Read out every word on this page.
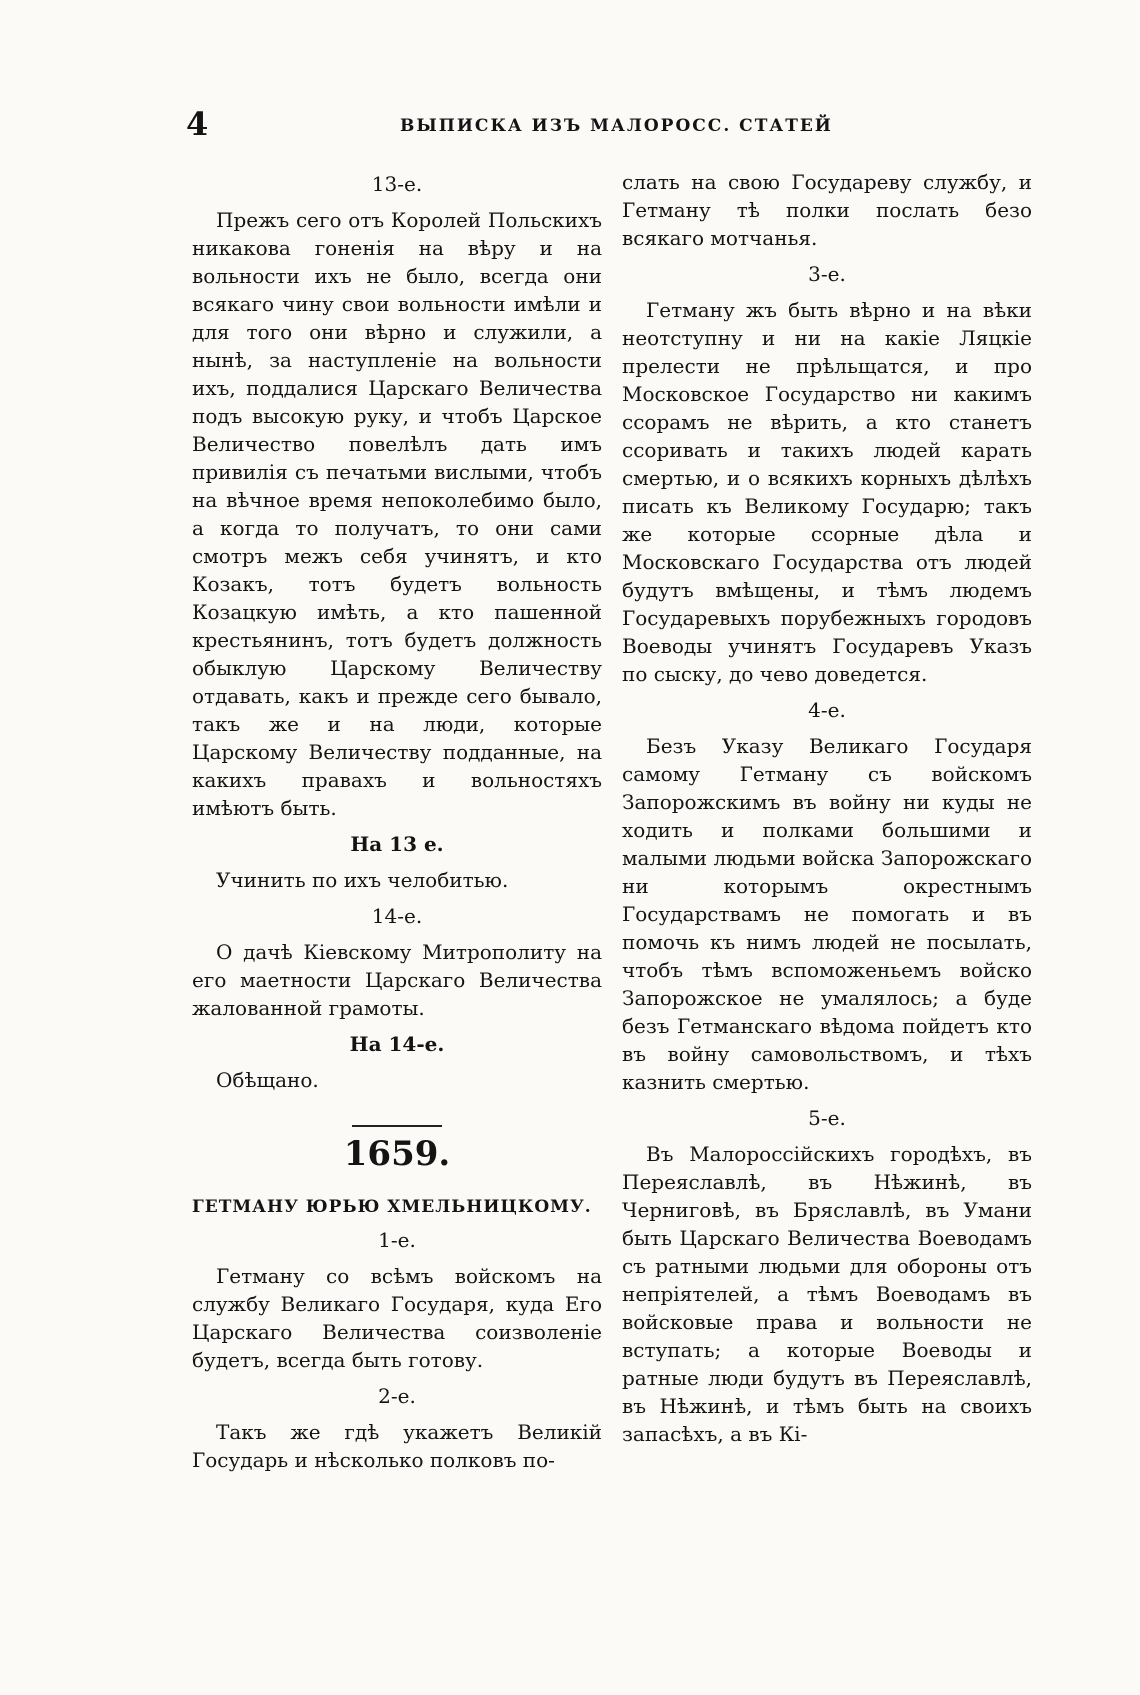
4	ВЫПИСКА ИЗЪ МАЛОРОСС. СТАТЕЙ
13-е.

Прежъ сего отъ Королей Польскихъ никакова гоненія на вѣру и на вольности ихъ не было, всегда они всякаго чину свои вольности имѣли и для того они вѣрно и служили, а нынѣ, за наступленіе на вольности ихъ, поддалися Царскаго Величества подъ высокую руку, и чтобъ Царское Величество повелѣлъ дать имъ привилія съ печатьми вислыми, чтобъ на вѣчное время непоколебимо было, а когда то получатъ, то они сами смотръ межъ себя учинятъ, и кто Козакъ, тотъ будетъ вольность Козацкую имѣть, а кто пашенной крестьянинъ, тотъ будетъ должность обыклую Царскому Величеству отдавать, какъ и прежде сего бывало, такъ же и на люди, которые Царскому Величеству подданные, на какихъ правахъ и вольностяхъ имѣютъ быть.

На 13 е.

Учинить по ихъ челобитью.

14-е.

О дачѣ Кіевскому Митрополиту на его маетности Царскаго Величества жалованной грамоты.

На 14-е.

Обѣщано.

1659.
ГЕТМАНУ ЮРЬЮ ХМЕЛЬНИЦКОМУ.
1-е.

Гетману со всѣмъ войскомъ на службу Великаго Государя, куда Его Царскаго Величества соизволеніе будетъ, всегда быть готову.

2-е.

Такъ же гдѣ укажетъ Великій Государь и нѣсколько полковъ по-

слать на свою Государеву службу, и Гетману тѣ полки послать безо всякаго мотчанья.

3-е.

Гетману жъ быть вѣрно и на вѣки неотступну и ни на какіе Ляцкіе прелести не прѣльщатся, и про Московское Государство ни какимъ ссорамъ не вѣрить, а кто станетъ ссоривать и такихъ людей карать смертью, и о всякихъ корныхъ дѣлѣхъ писать къ Великому Государю; такъ же которые ссорные дѣла и Московскаго Государства отъ людей будутъ вмѣщены, и тѣмъ людемъ Государевыхъ порубежныхъ городовъ Воеводы учинятъ Государевъ Указъ по сыску, до чево доведется.

4-е.

Безъ Указу Великаго Государя самому Гетману съ войскомъ Запорожскимъ въ войну ни куды не ходить и полками большими и малыми людьми войска Запорожскаго ни которымъ окрестнымъ Государствамъ не помогать и въ помочь къ нимъ людей не посылать, чтобъ тѣмъ вспоможеньемъ войско Запорожское не умалялось; а буде безъ Гетманскаго вѣдома пойдетъ кто въ войну самовольствомъ, и тѣхъ казнить смертью.

5-е.

Въ Малороссійскихъ городѣхъ, въ Переяславлѣ, въ Нѣжинѣ, въ Черниговѣ, въ Бряславлѣ, въ Умани быть Царскаго Величества Воеводамъ съ ратными людьми для обороны отъ непріятелей, а тѣмъ Воеводамъ въ войсковые права и вольности не вступать; а которые Воеводы и ратные люди будутъ въ Переяславлѣ, въ Нѣжинѣ, и тѣмъ быть на своихъ запасѣхъ, а въ Кі-
